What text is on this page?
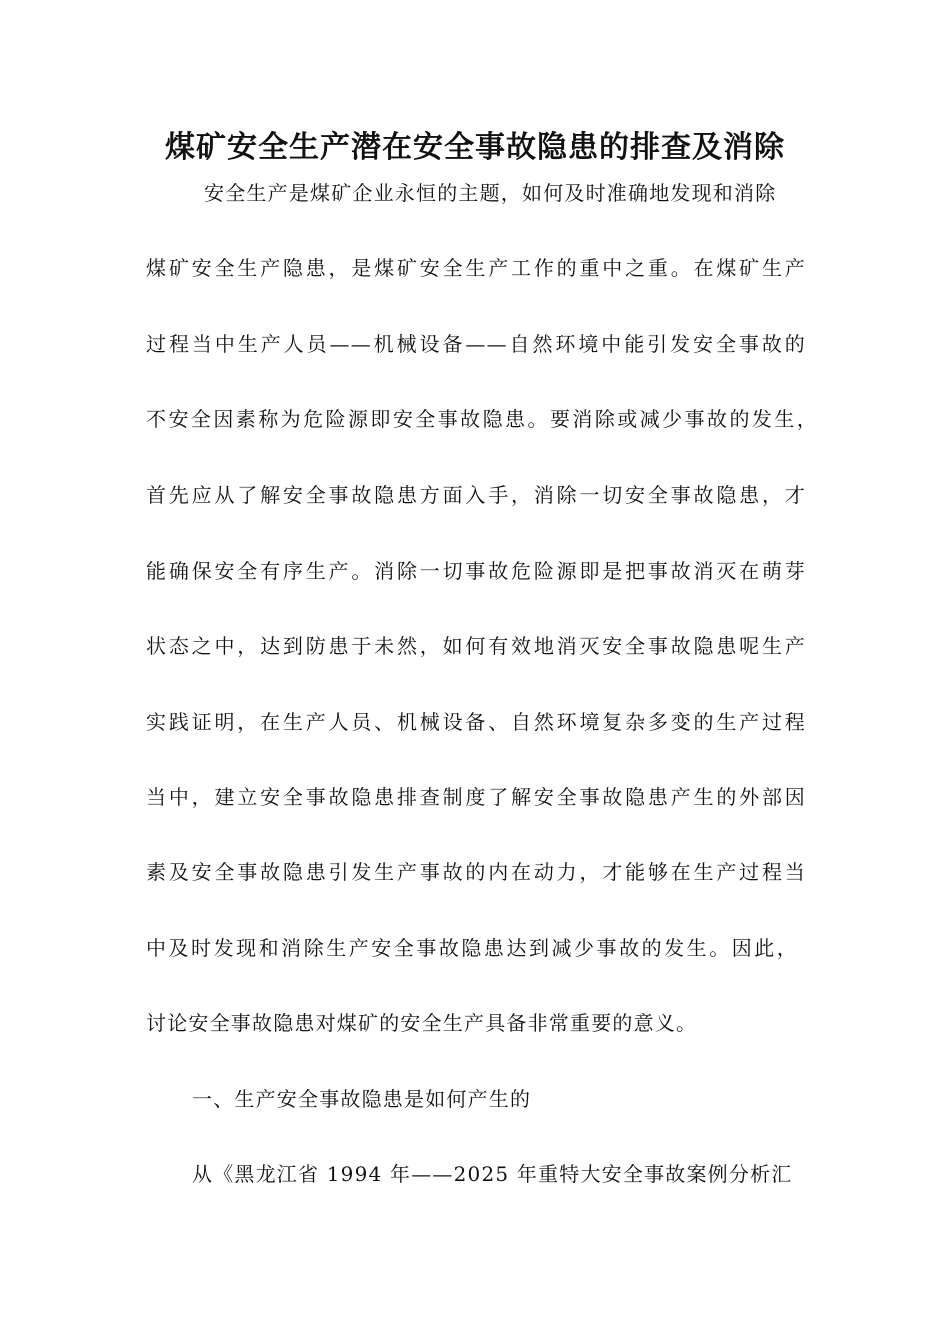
煤矿安全生产潜在安全事故隐患的排查及消除
安全生产是煤矿企业永恒的主题，如何及时准确地发现和消除
煤矿安全生产隐患，是煤矿安全生产工作的重中之重。在煤矿生产
过程当中生产人员——机械设备——自然环境中能引发安全事故的
不安全因素称为危险源即安全事故隐患。要消除或减少事故的发生，
首先应从了解安全事故隐患方面入手，消除一切安全事故隐患，才
能确保安全有序生产。消除一切事故危险源即是把事故消灭在萌芽
状态之中，达到防患于未然，如何有效地消灭安全事故隐患呢生产
实践证明，在生产人员、机械设备、自然环境复杂多变的生产过程
当中，建立安全事故隐患排查制度了解安全事故隐患产生的外部因
素及安全事故隐患引发生产事故的内在动力，才能够在生产过程当
中及时发现和消除生产安全事故隐患达到减少事故的发生。因此，
讨论安全事故隐患对煤矿的安全生产具备非常重要的意义。
一、生产安全事故隐患是如何产生的
从《黑龙江省 1994 年——2025 年重特大安全事故案例分析汇
